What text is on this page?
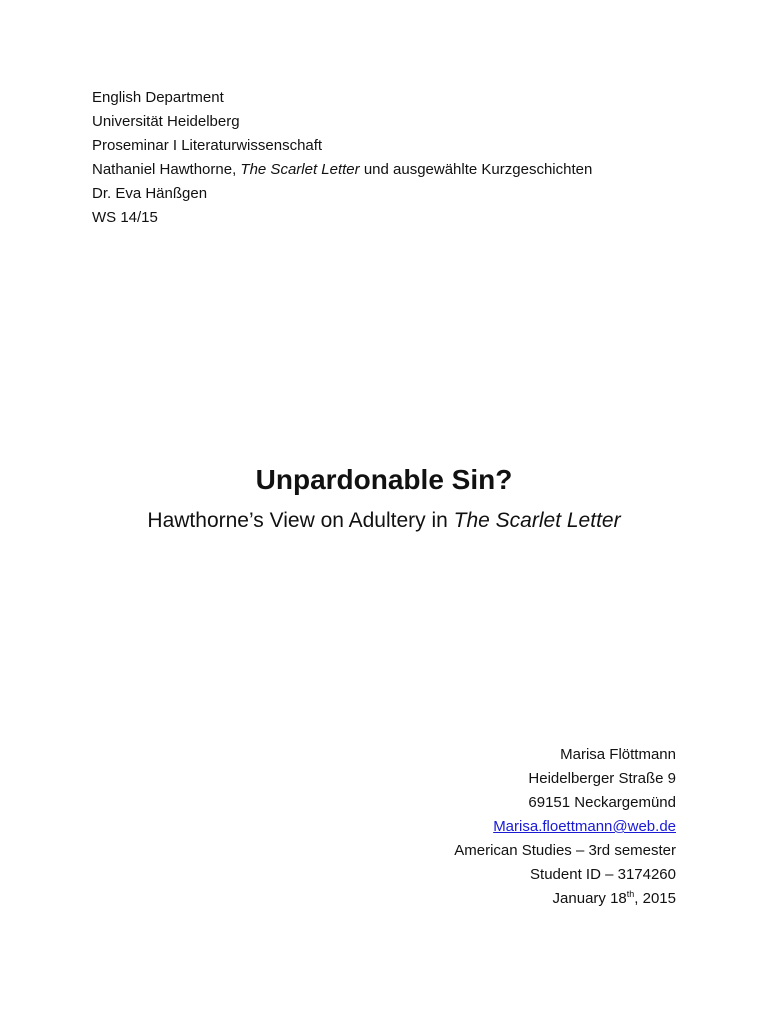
English Department
Universität Heidelberg
Proseminar I Literaturwissenschaft
Nathaniel Hawthorne, The Scarlet Letter und ausgewählte Kurzgeschichten
Dr. Eva Hänßgen
WS 14/15
Unpardonable Sin?
Hawthorne’s View on Adultery in The Scarlet Letter
Marisa Flöttmann
Heidelberger Straße 9
69151 Neckargemünd
Marisa.floettmann@web.de
American Studies – 3rd semester
Student ID – 3174260
January 18th, 2015
